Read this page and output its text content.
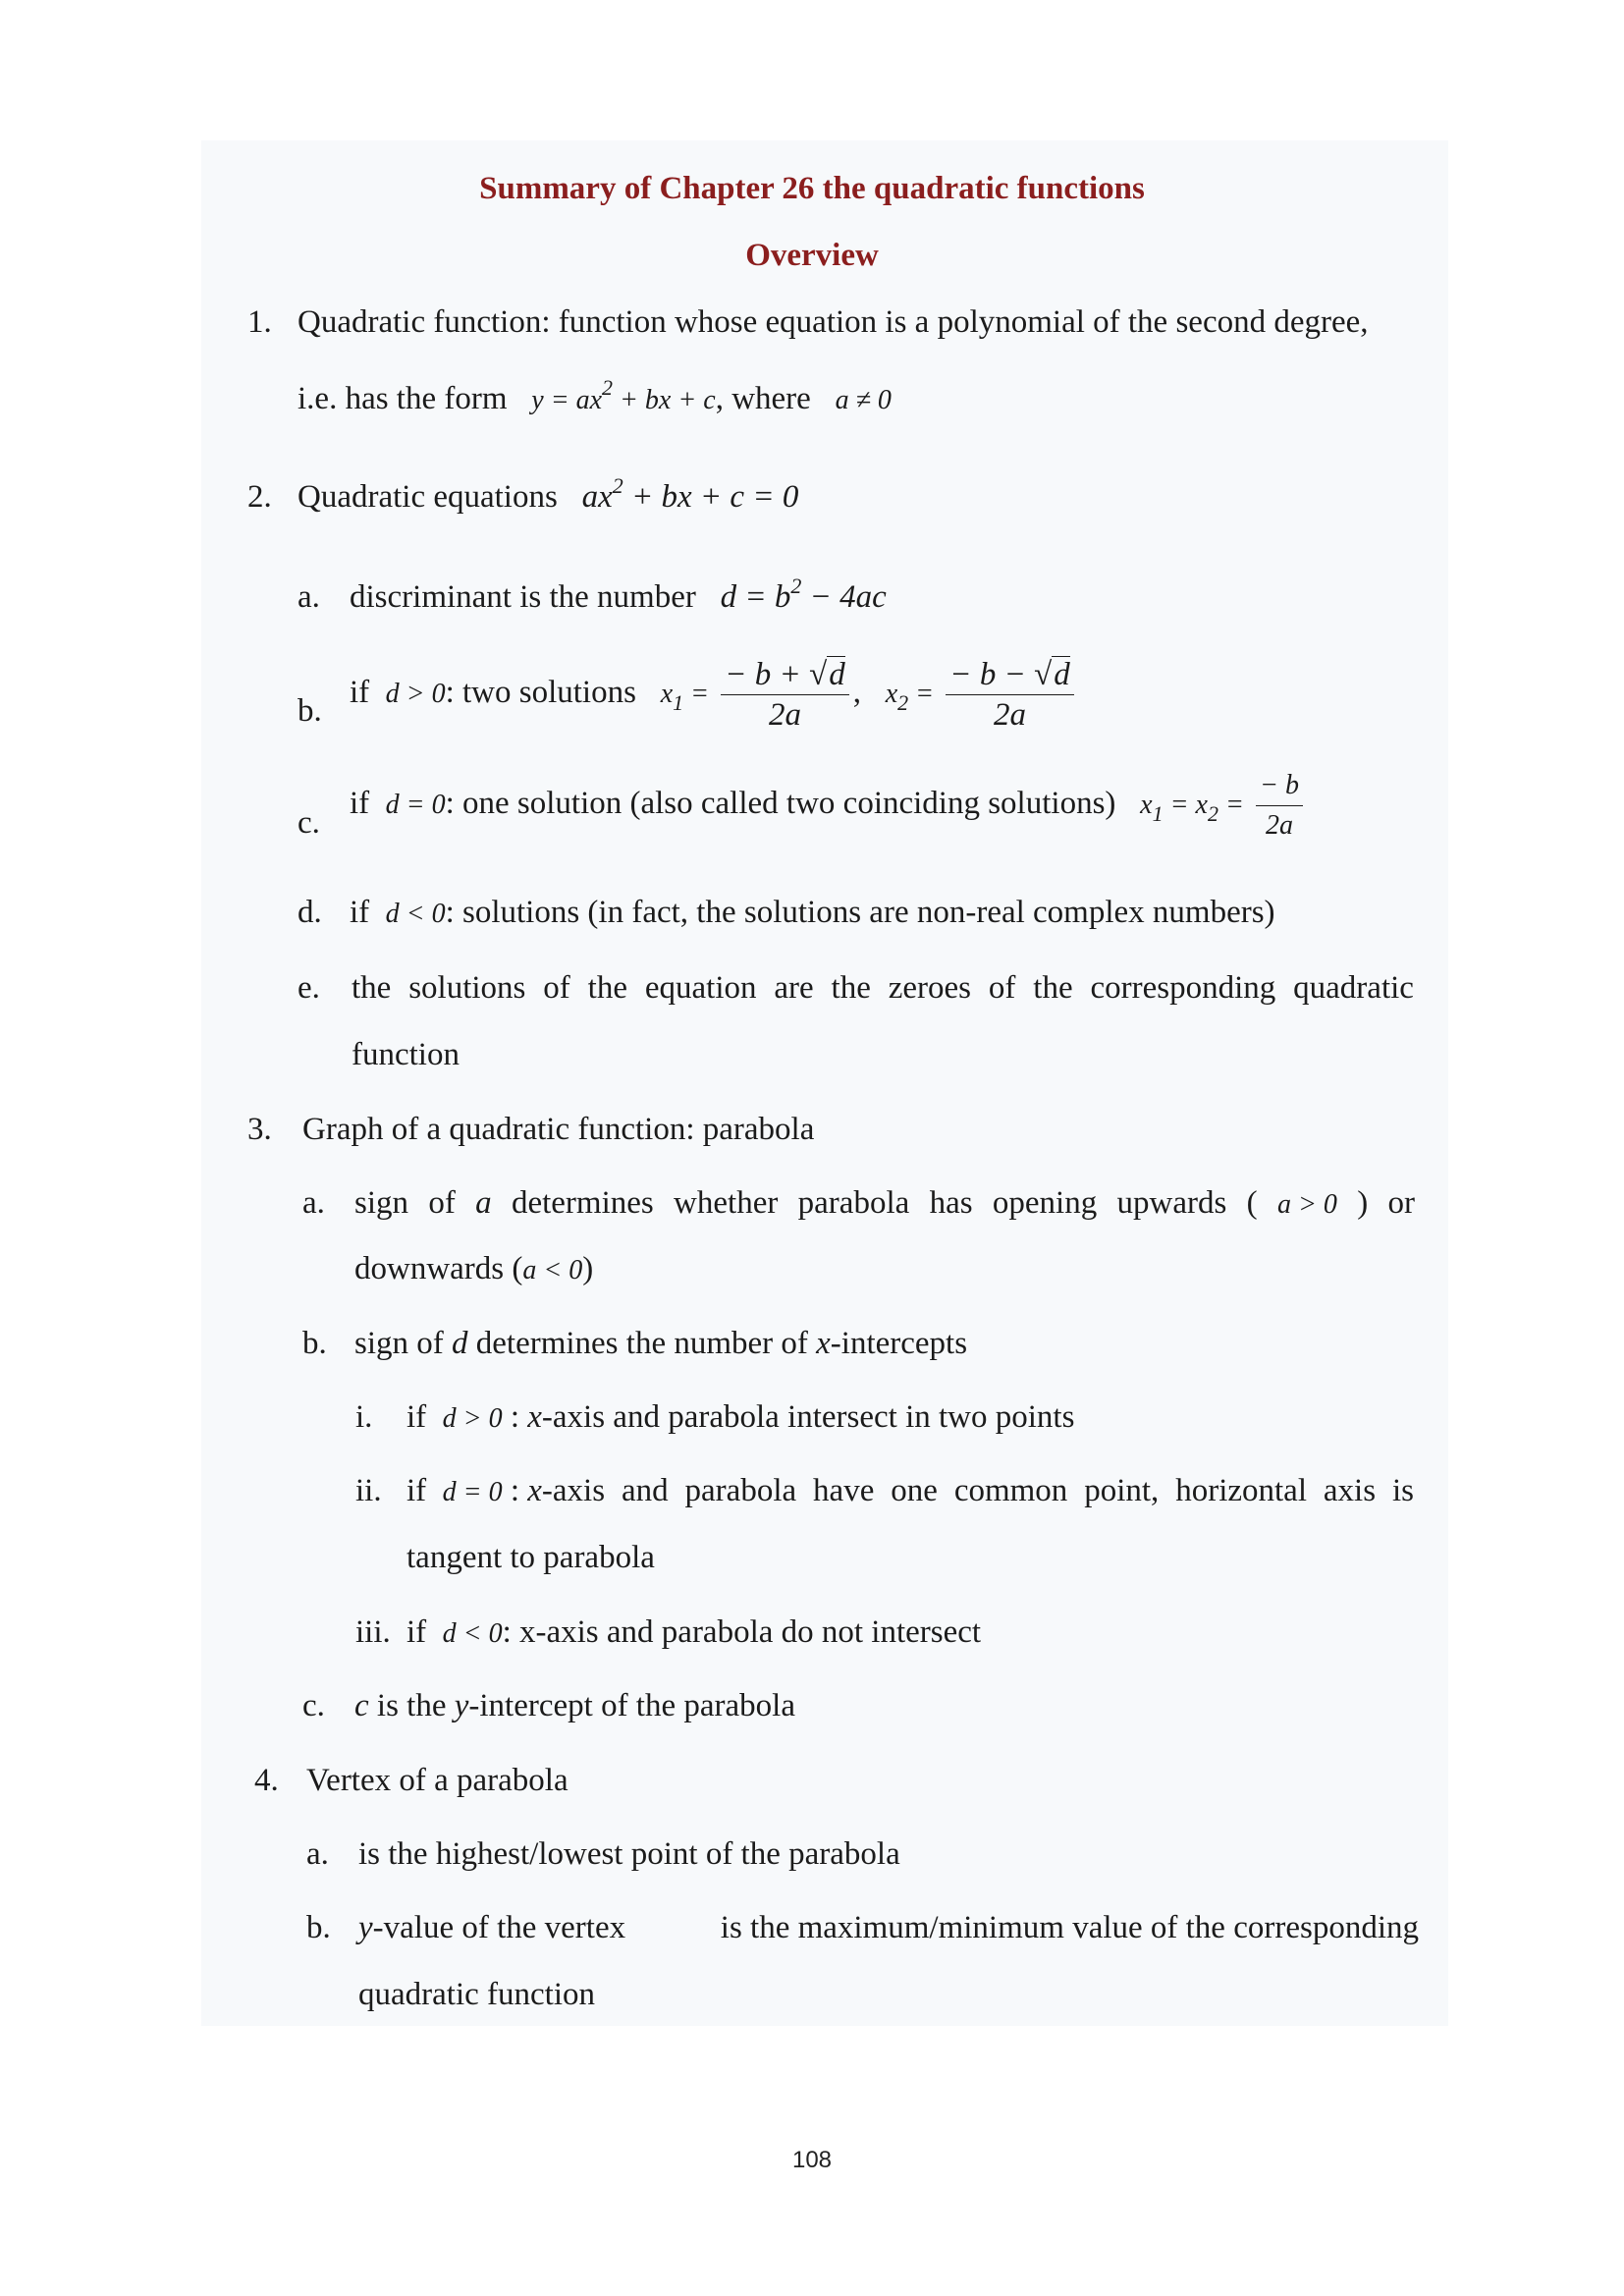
Summary of Chapter 26 the quadratic functions
Overview
1. Quadratic function: function whose equation is a polynomial of the second degree,
i.e. has the form $y = ax^2$ + bx + c, where a ≠ 0
2. Quadratic equations $ax^2$ + bx + c = 0
a. discriminant is the number $d = b^2 - 4ac$
b.
if d > 0: two solutions $x_1 = \frac{- b + √d}{2a}$ , $x_2 = \frac{- b - √d}{2a}$
c.
if d = 0: one solution (also called two coinciding solutions) $x_1 = x_2 = \frac{- b}{2a}$
d. if d < 0: solutions (in fact, the solutions are non-real complex numbers)
e. the solutions of the equation are the zeroes of the corresponding quadratic
function
3. Graph of a quadratic function: parabola
a. sign of a determines whether parabola has opening upwards ( a > 0 ) or
downwards (a < 0)
b. sign of d determines the number of x-intercepts
i. if d > 0 : x-axis and parabola intersect in two points
ii. if d = 0 : x-axis and parabola have one common point, horizontal axis is
tangent to parabola
iii. if d < 0: x-axis and parabola do not intersect
c. c is the y-intercept of the parabola
4. Vertex of a parabola
a. is the highest/lowest point of the parabola
b. y-value of the vertex	is the maximum/minimum value of the corresponding
quadratic function
108
